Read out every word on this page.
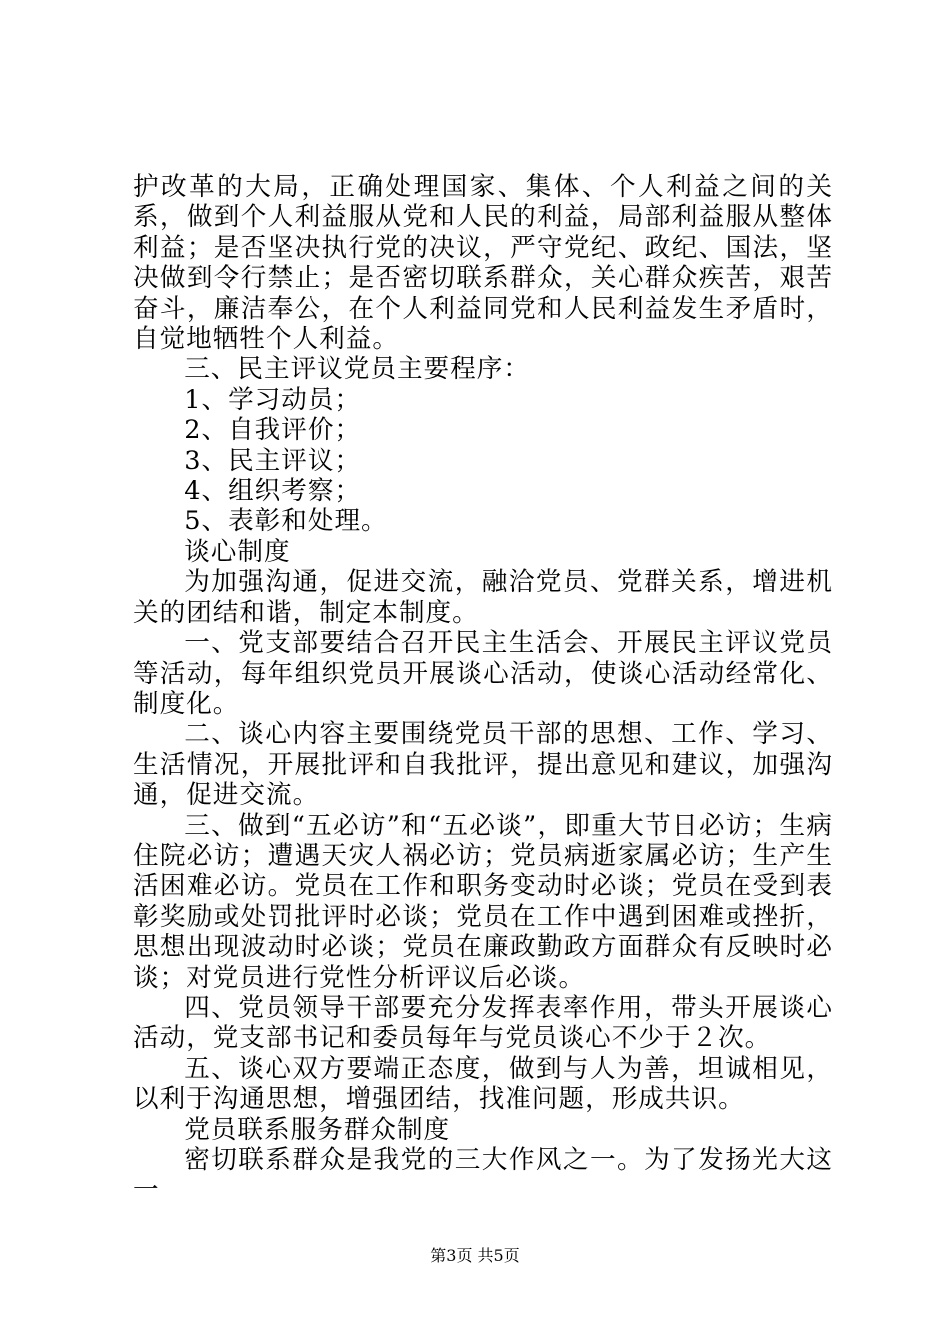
护改革的大局，正确处理国家、集体、个人利益之间的关系，做到个人利益服从党和人民的利益，局部利益服从整体利益；是否坚决执行党的决议，严守党纪、政纪、国法，坚决做到令行禁止；是否密切联系群众，关心群众疾苦，艰苦奋斗，廉洁奉公，在个人利益同党和人民利益发生矛盾时，自觉地牺牲个人利益。

三、民主评议党员主要程序：

1、学习动员；

2、自我评价；

3、民主评议；

4、组织考察；

5、表彰和处理。

谈心制度

为加强沟通，促进交流，融洽党员、党群关系，增进机关的团结和谐，制定本制度。

一、党支部要结合召开民主生活会、开展民主评议党员等活动，每年组织党员开展谈心活动，使谈心活动经常化、制度化。

二、谈心内容主要围绕党员干部的思想、工作、学习、生活情况，开展批评和自我批评，提出意见和建议，加强沟通，促进交流。

三、做到“五必访”和“五必谈”，即重大节日必访；生病住院必访；遭遇天灾人祸必访；党员病逝家属必访；生产生活困难必访。党员在工作和职务变动时必谈；党员在受到表彰奖励或处罚批评时必谈；党员在工作中遇到困难或挫折，思想出现波动时必谈；党员在廉政勤政方面群众有反映时必谈；对党员进行党性分析评议后必谈。

四、党员领导干部要充分发挥表率作用，带头开展谈心活动，党支部书记和委员每年与党员谈心不少于２次。

五、谈心双方要端正态度，做到与人为善，坦诚相见，以利于沟通思想，增强团结，找准问题，形成共识。

党员联系服务群众制度

密切联系群众是我党的三大作风之一。为了发扬光大这一

第3页 共5页
